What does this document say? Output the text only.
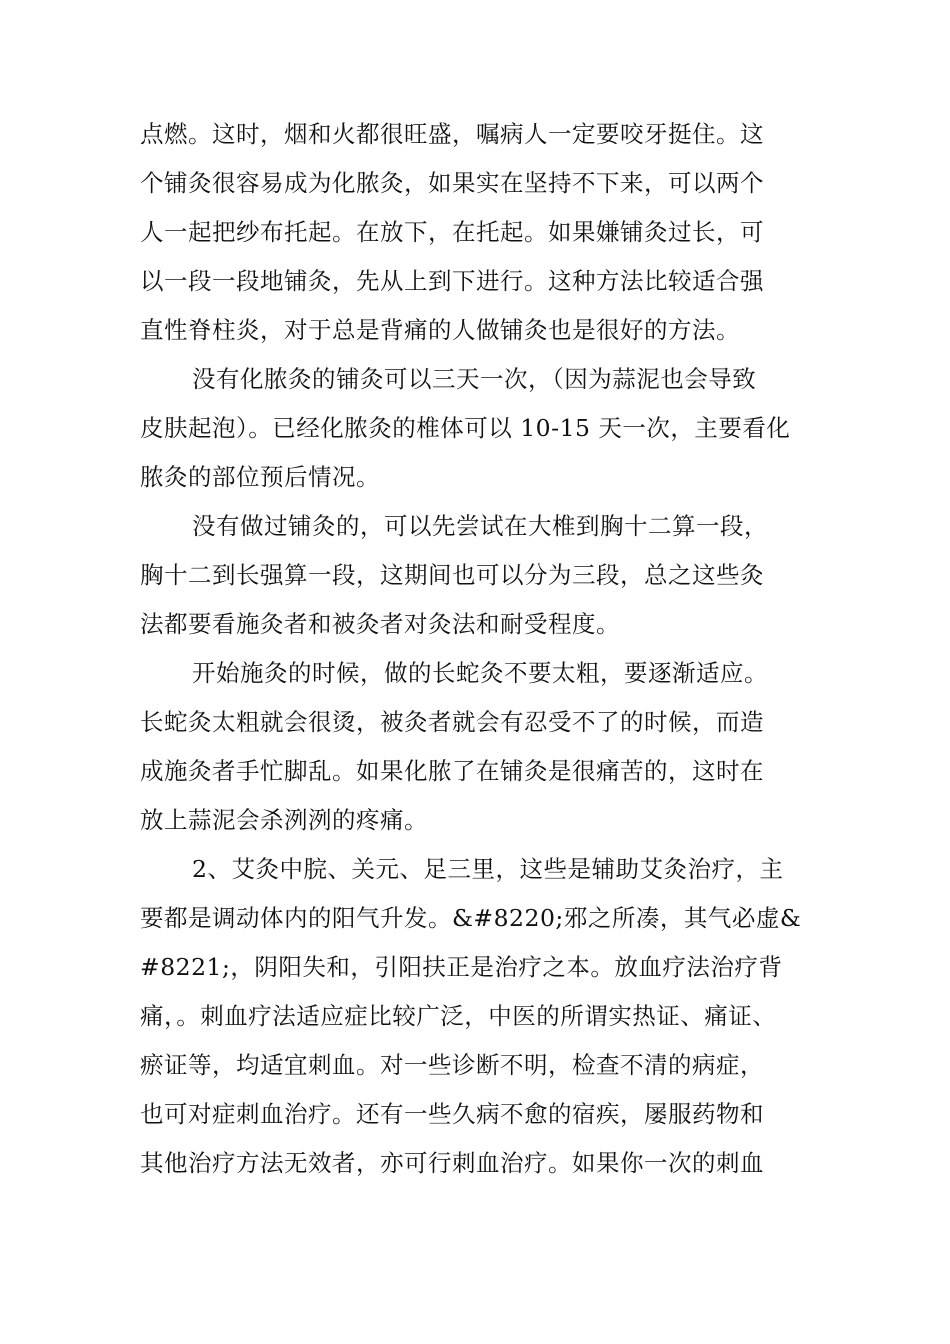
点燃。这时，烟和火都很旺盛，嘱病人一定要咬牙挺住。这
个铺灸很容易成为化脓灸，如果实在坚持不下来，可以两个
人一起把纱布托起。在放下，在托起。如果嫌铺灸过长，可
以一段一段地铺灸，先从上到下进行。这种方法比较适合强
直性脊柱炎，对于总是背痛的人做铺灸也是很好的方法。
没有化脓灸的铺灸可以三天一次，（因为蒜泥也会导致
皮肤起泡）。已经化脓灸的椎体可以 10-15 天一次，主要看化
脓灸的部位预后情况。
没有做过铺灸的，可以先尝试在大椎到胸十二算一段，
胸十二到长强算一段，这期间也可以分为三段，总之这些灸
法都要看施灸者和被灸者对灸法和耐受程度。
开始施灸的时候，做的长蛇灸不要太粗，要逐渐适应。
长蛇灸太粗就会很烫，被灸者就会有忍受不了的时候，而造
成施灸者手忙脚乱。如果化脓了在铺灸是很痛苦的，这时在
放上蒜泥会杀洌洌的疼痛。
2、艾灸中脘、关元、足三里，这些是辅助艾灸治疗，主
要都是调动体内的阳气升发。&#8220;邪之所凑，其气必虚&
#8221;，阴阳失和，引阳扶正是治疗之本。放血疗法治疗背
痛，。刺血疗法适应症比较广泛，中医的所谓实热证、痛证、
瘀证等，均适宜刺血。对一些诊断不明，检查不清的病症，
也可对症刺血治疗。还有一些久病不愈的宿疾，屡服药物和
其他治疗方法无效者，亦可行刺血治疗。如果你一次的刺血
